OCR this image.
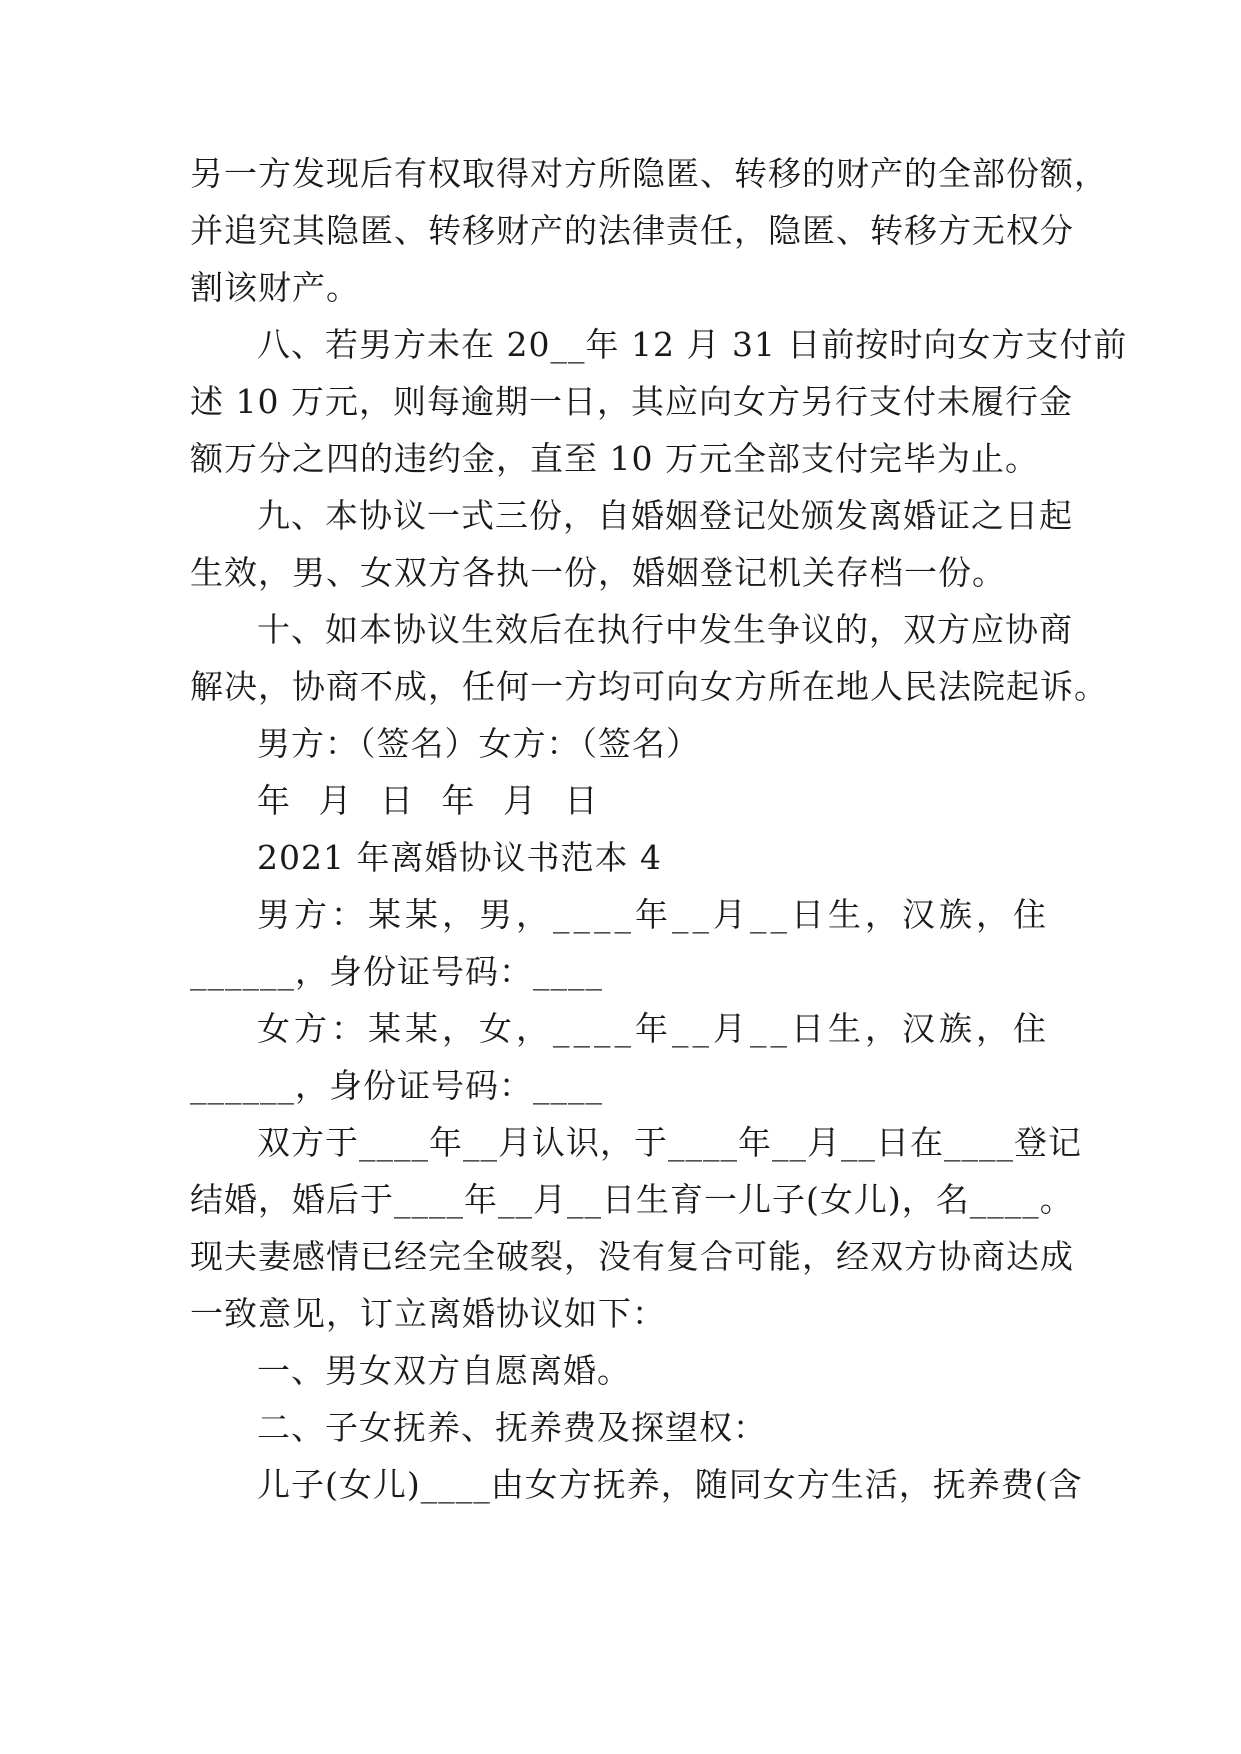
另一方发现后有权取得对方所隐匿、转移的财产的全部份额，
并追究其隐匿、转移财产的法律责任，隐匿、转移方无权分
割该财产。
八、若男方未在 20__年 12 月 31 日前按时向女方支付前
述 10 万元，则每逾期一日，其应向女方另行支付未履行金
额万分之四的违约金，直至 10 万元全部支付完毕为止。
九、本协议一式三份，自婚姻登记处颁发离婚证之日起
生效，男、女双方各执一份，婚姻登记机关存档一份。
十、如本协议生效后在执行中发生争议的，双方应协商
解决，协商不成，任何一方均可向女方所在地人民法院起诉。
男方：（签名）女方：（签名）
年 月 日 年 月 日
2021 年离婚协议书范本 4
男方：某某，男，____年__月__日生，汉族，住
______，身份证号码：____
女方：某某，女，____年__月__日生，汉族，住
______，身份证号码：____
双方于____年__月认识，于____年__月__日在____登记
结婚，婚后于____年__月__日生育一儿子(女儿)，名____。
现夫妻感情已经完全破裂，没有复合可能，经双方协商达成
一致意见，订立离婚协议如下：
一、男女双方自愿离婚。
二、子女抚养、抚养费及探望权：
儿子(女儿)____由女方抚养，随同女方生活，抚养费(含
